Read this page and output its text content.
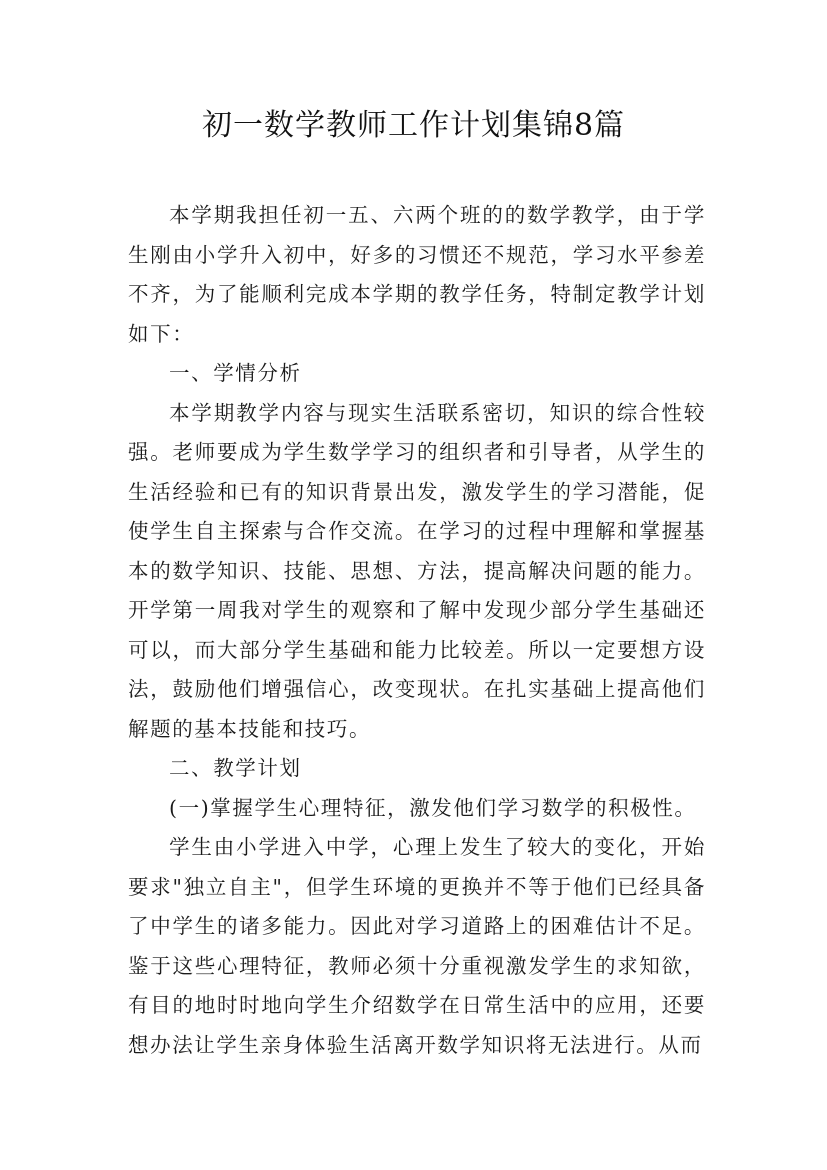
初一数学教师工作计划集锦8篇

本学期我担任初一五、六两个班的的数学教学，由于学生刚由小学升入初中，好多的习惯还不规范，学习水平参差不齐，为了能顺利完成本学期的教学任务，特制定教学计划如下：

一、学情分析

本学期教学内容与现实生活联系密切，知识的综合性较强。老师要成为学生数学学习的组织者和引导者，从学生的生活经验和已有的知识背景出发，激发学生的学习潜能，促使学生自主探索与合作交流。在学习的过程中理解和掌握基本的数学知识、技能、思想、方法，提高解决问题的能力。开学第一周我对学生的观察和了解中发现少部分学生基础还可以，而大部分学生基础和能力比较差。所以一定要想方设法，鼓励他们增强信心，改变现状。在扎实基础上提高他们解题的基本技能和技巧。

二、教学计划

(一)掌握学生心理特征，激发他们学习数学的积极性。

学生由小学进入中学，心理上发生了较大的变化，开始要求"独立自主"，但学生环境的更换并不等于他们已经具备了中学生的诸多能力。因此对学习道路上的困难估计不足。鉴于这些心理特征，教师必须十分重视激发学生的求知欲，有目的地时时地向学生介绍数学在日常生活中的应用，还要想办法让学生亲身体验生活离开数学知识将无法进行。从而
